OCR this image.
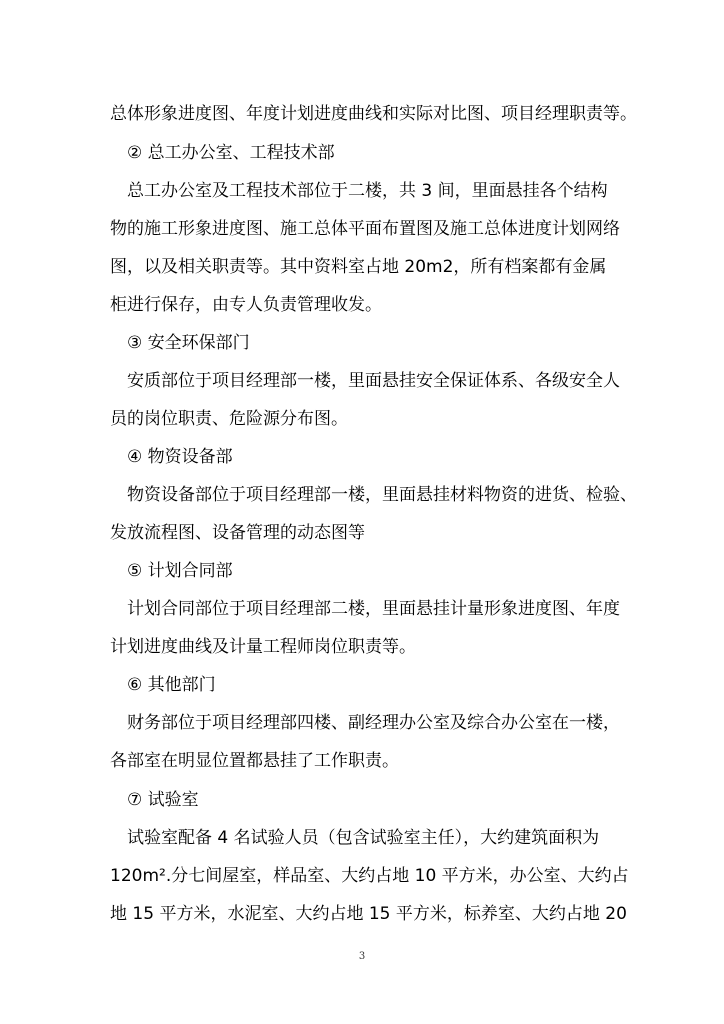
总体形象进度图、年度计划进度曲线和实际对比图、项目经理职责等。
② 总工办公室、工程技术部
总工办公室及工程技术部位于二楼，共 3 间，里面悬挂各个结构
物的施工形象进度图、施工总体平面布置图及施工总体进度计划网络
图，以及相关职责等。其中资料室占地 20m2，所有档案都有金属
柜进行保存，由专人负责管理收发。
③ 安全环保部门
安质部位于项目经理部一楼，里面悬挂安全保证体系、各级安全人
员的岗位职责、危险源分布图。
④ 物资设备部
物资设备部位于项目经理部一楼，里面悬挂材料物资的进货、检验、
发放流程图、设备管理的动态图等
⑤ 计划合同部
计划合同部位于项目经理部二楼，里面悬挂计量形象进度图、年度
计划进度曲线及计量工程师岗位职责等。
⑥ 其他部门
财务部位于项目经理部四楼、副经理办公室及综合办公室在一楼，
各部室在明显位置都悬挂了工作职责。
⑦ 试验室
试验室配备 4 名试验人员（包含试验室主任），大约建筑面积为
120m².分七间屋室，样品室、大约占地 10 平方米，办公室、大约占
地 15 平方米，水泥室、大约占地 15 平方米，标养室、大约占地 20
3
